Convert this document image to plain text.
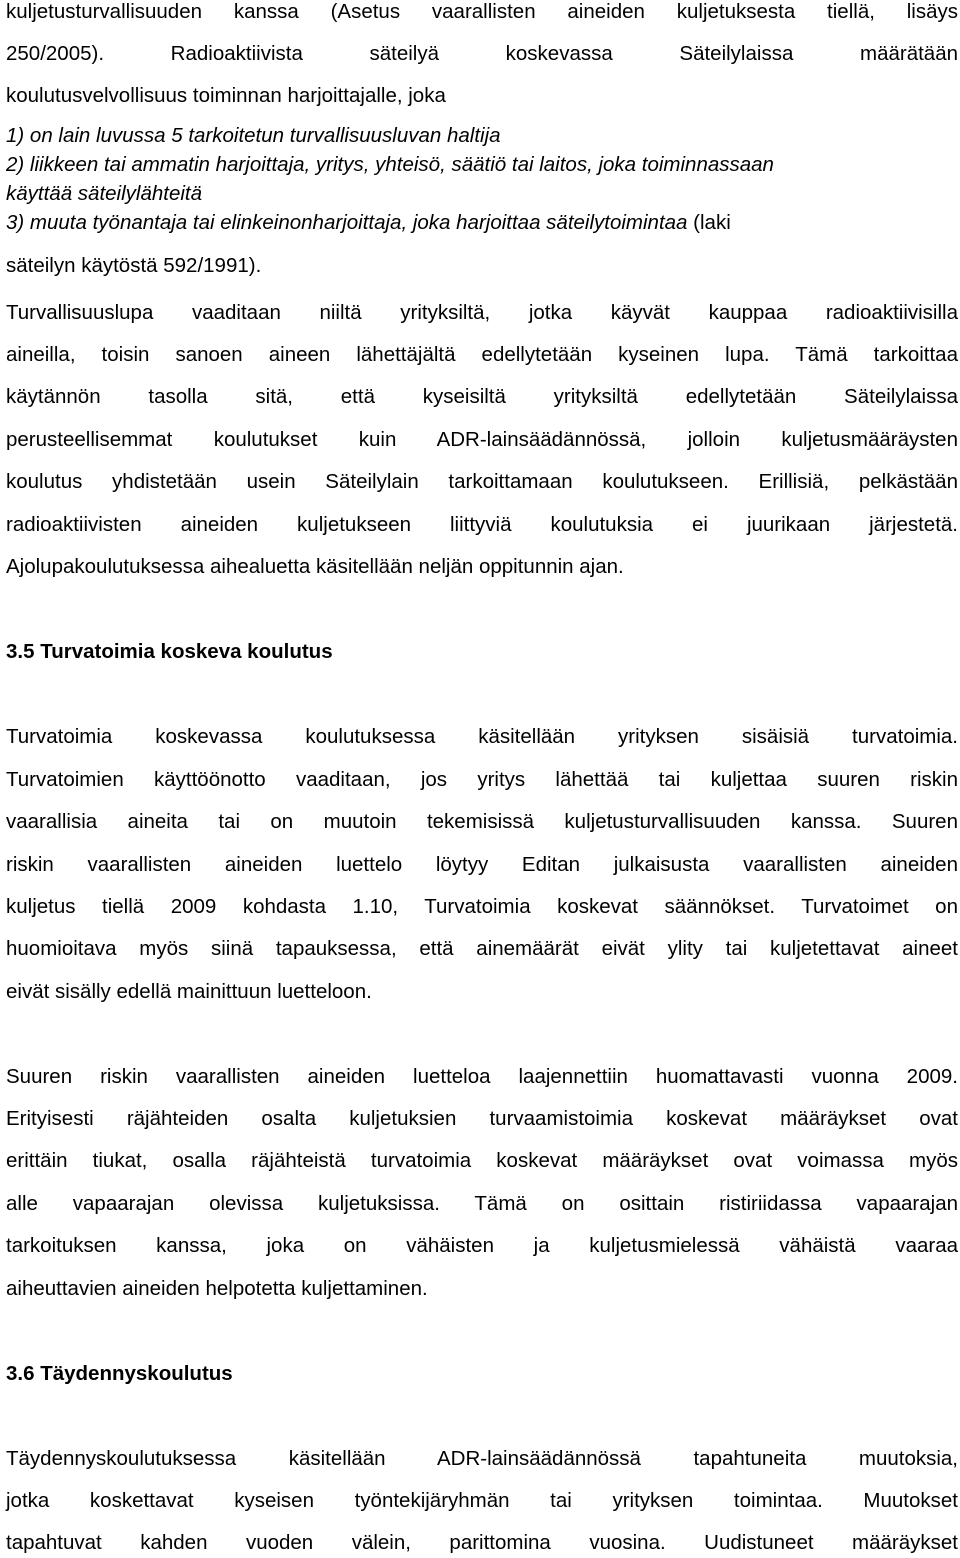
kuljetusturvallisuuden kanssa (Asetus vaarallisten aineiden kuljetuksesta tiellä, lisäys
250/2005). Radioaktiivista säteilyä koskevassa Säteilylaissa määrätään
koulutusvelvollisuus toiminnan harjoittajalle, joka
1) on lain luvussa 5 tarkoitetun turvallisuusluvan haltija
2) liikkeen tai ammatin harjoittaja, yritys, yhteisö, säätiö tai laitos, joka toiminnassaan
käyttää säteilylähteitä
3) muuta työnantaja tai elinkeinonharjoittaja, joka harjoittaa säteilytoimintaa (laki
säteilyn käytöstä 592/1991).
Turvallisuuslupa vaaditaan niiltä yrityksiltä, jotka käyvät kauppaa radioaktiivisilla
aineilla, toisin sanoen aineen lähettäjältä edellytetään kyseinen lupa. Tämä tarkoittaa
käytännön tasolla sitä, että kyseisiltä yrityksiltä edellytetään Säteilylaissa
perusteellisemmat koulutukset kuin ADR-lainsäädännössä, jolloin kuljetusmääräysten
koulutus yhdistetään usein Säteilylain tarkoittamaan koulutukseen. Erillisiä, pelkästään
radioaktiivisten aineiden kuljetukseen liittyviä koulutuksia ei juurikaan järjestetä.
Ajolupakoulutuksessa aihealuetta käsitellään neljän oppitunnin ajan.
3.5 Turvatoimia koskeva koulutus
Turvatoimia koskevassa koulutuksessa käsitellään yrityksen sisäisiä turvatoimia.
Turvatoimien käyttöönotto vaaditaan, jos yritys lähettää tai kuljettaa suuren riskin
vaarallisia aineita tai on muutoin tekemisissä kuljetusturvallisuuden kanssa. Suuren
riskin vaarallisten aineiden luettelo löytyy Editan julkaisusta vaarallisten aineiden
kuljetus tiellä 2009 kohdasta 1.10, Turvatoimia koskevat säännökset. Turvatoimet on
huomioitava myös siinä tapauksessa, että ainemäärät eivät ylity tai kuljetettavat aineet
eivät sisälly edellä mainittuun luetteloon.
Suuren riskin vaarallisten aineiden luetteloa laajennettiin huomattavasti vuonna 2009.
Erityisesti räjähteiden osalta kuljetuksien turvaamistoimia koskevat määräykset ovat
erittäin tiukat, osalla räjähteistä turvatoimia koskevat määräykset ovat voimassa myös
alle vapaarajan olevissa kuljetuksissa. Tämä on osittain ristiriidassa vapaarajan
tarkoituksen kanssa, joka on vähäisten ja kuljetusmielessä vähäistä vaaraa
aiheuttavien aineiden helpotetta kuljettaminen.
3.6 Täydennyskoulutus
Täydennyskoulutuksessa käsitellään ADR-lainsäädännössä tapahtuneita muutoksia,
jotka koskettavat kyseisen työntekijäryhmän tai yrityksen toimintaa. Muutokset
tapahtuvat kahden vuoden välein, parittomina vuosina. Uudistuneet määräykset
